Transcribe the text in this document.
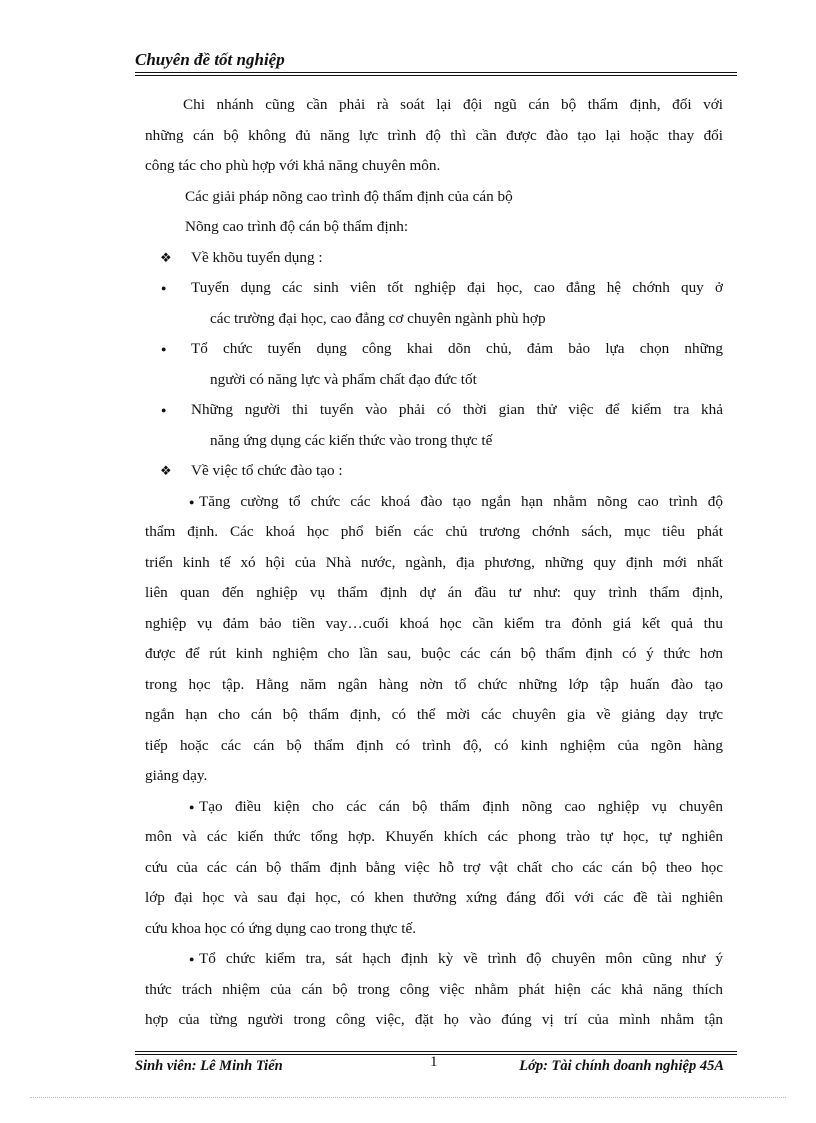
Chuyên đề tốt nghiệp
Chi nhánh cũng cần phải rà soát lại đội ngũ cán bộ thẩm định, đối với
những cán bộ không đủ năng lực trình độ thì cần được đào tạo lại hoặc thay đổi
công tác cho phù hợp với khả năng chuyên môn.
Các giải pháp nõng cao trình độ thẩm định của cán bộ
Nõng cao trình độ cán bộ thẩm định:
❖ Về khõu tuyển dụng :
● Tuyển dụng các sinh viên tốt nghiệp đại học, cao đẳng hệ chớnh quy ở
các trường đại học, cao đẳng cơ chuyên ngành phù hợp
● Tổ chức tuyển dụng công khai dõn chủ, đảm bảo lựa chọn những
người có năng lực và phẩm chất đạo đức tốt
● Những người thi tuyển vào phải có thời gian thử việc để kiểm tra khả
năng ứng dụng các kiến thức vào trong thực tế
❖ Về việc tổ chức đào tạo :
● Tăng cường tổ chức các khoá đào tạo ngắn hạn nhằm nõng cao trình độ
thẩm định. Các khoá học phổ biến các chủ trương chớnh sách, mục tiêu phát
triển kinh tế xó hội của Nhà nước, ngành, địa phương, những quy định mới nhất
liên quan đến nghiệp vụ thẩm định dự án đầu tư như: quy trình thẩm định,
nghiệp vụ đảm bảo tiền vay…cuối khoá học cần kiểm tra đỏnh giá kết quả thu
được để rút kinh nghiệm cho lần sau, buộc các cán bộ thẩm định có ý thức hơn
trong học tập. Hằng năm ngân hàng nờn tổ chức những lớp tập huấn đào tạo
ngắn hạn cho cán bộ thẩm định, có thể mời các chuyên gia về giảng dạy trực
tiếp hoặc các cán bộ thẩm định có trình độ, có kinh nghiệm của ngõn hàng
giảng dạy.
● Tạo điều kiện cho các cán bộ thẩm định nõng cao nghiệp vụ chuyên
môn và các kiến thức tổng hợp. Khuyến khích các phong trào tự học, tự nghiên
cứu của các cán bộ thẩm định bằng việc hỗ trợ vật chất cho các cán bộ theo học
lớp đại học và sau đại học, có khen thưởng xứng đáng đối với các đề tài nghiên
cứu khoa học có ứng dụng cao trong thực tế.
● Tổ chức kiểm tra, sát hạch định kỳ về trình độ chuyên môn cũng như ý
thức trách nhiệm của cán bộ trong công việc nhằm phát hiện các khả năng thích
hợp của từng người trong công việc, đặt họ vào đúng vị trí của mình nhằm tận
Sinh viên: Lê Minh Tiến	1	Lớp: Tài chính doanh nghiệp 45A
